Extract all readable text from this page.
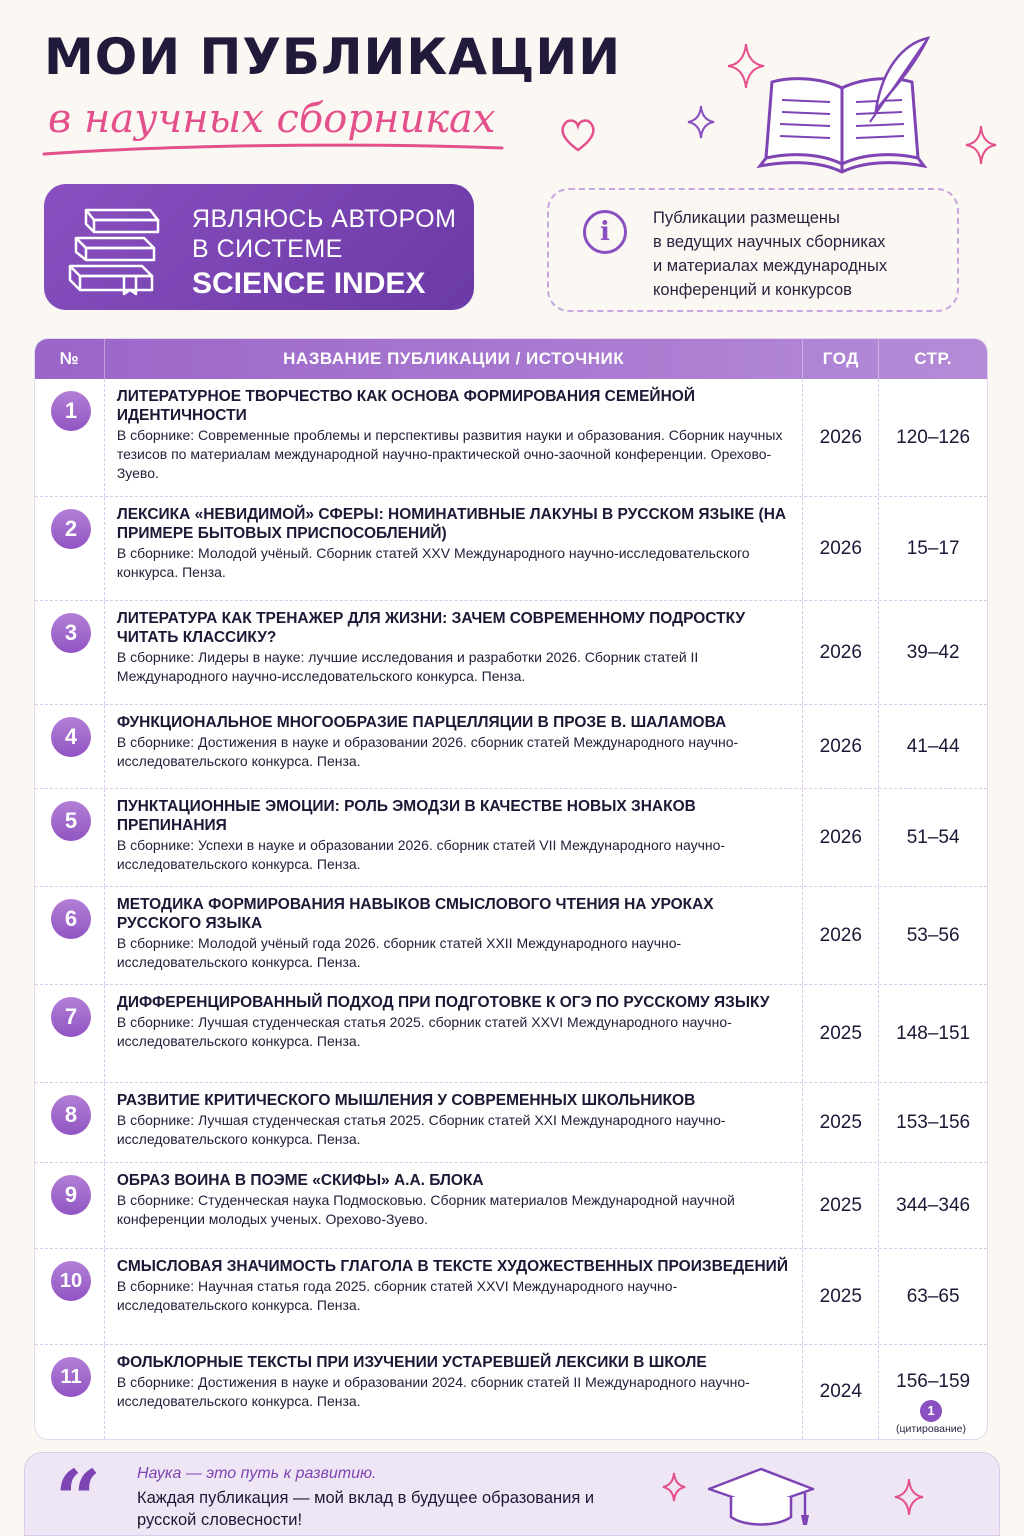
МОИ ПУБЛИКАЦИИ
в научных сборниках
ЯВЛЯЮСЬ АВТОРОМ
В СИСТЕМЕ
SCIENCE INDEX
i	Публикации размещены
в ведущих научных сборниках
и материалах международных
конференций и конкурсов
№	НАЗВАНИЕ ПУБЛИКАЦИИ / ИСТОЧНИК	ГОД	СТР.
1
ЛИТЕРАТУРНОЕ ТВОРЧЕСТВО КАК ОСНОВА ФОРМИРОВАНИЯ СЕМЕЙНОЙ ИДЕНТИЧНОСТИ
В сборнике: Современные проблемы и перспективы развития науки и образования. Сборник научных тезисов по материалам международной научно-практической очно-заочной конференции. Орехово-Зуево.
2026	120–126
2
ЛЕКСИКА «НЕВИДИМОЙ» СФЕРЫ: НОМИНАТИВНЫЕ ЛАКУНЫ В РУССКОМ ЯЗЫКЕ (НА ПРИМЕРЕ БЫТОВЫХ ПРИСПОСОБЛЕНИЙ)
В сборнике: Молодой учёный. Сборник статей XXV Международного научно-исследовательского конкурса. Пенза.
2026	15–17
3
ЛИТЕРАТУРА КАК ТРЕНАЖЕР ДЛЯ ЖИЗНИ: ЗАЧЕМ СОВРЕМЕННОМУ ПОДРОСТКУ ЧИТАТЬ КЛАССИКУ?
В сборнике: Лидеры в науке: лучшие исследования и разработки 2026. Сборник статей II Международного научно-исследовательского конкурса. Пенза.
2026	39–42
4
ФУНКЦИОНАЛЬНОЕ МНОГООБРАЗИЕ ПАРЦЕЛЛЯЦИИ В ПРОЗЕ В. ШАЛАМОВА
В сборнике: Достижения в науке и образовании 2026. сборник статей Международного научно-исследовательского конкурса. Пенза.
2026	41–44
5
ПУНКТАЦИОННЫЕ ЭМОЦИИ: РОЛЬ ЭМОДЗИ В КАЧЕСТВЕ НОВЫХ ЗНАКОВ ПРЕПИНАНИЯ
В сборнике: Успехи в науке и образовании 2026. сборник статей VII Международного научно-исследовательского конкурса. Пенза.
2026	51–54
6
МЕТОДИКА ФОРМИРОВАНИЯ НАВЫКОВ СМЫСЛОВОГО ЧТЕНИЯ НА УРОКАХ РУССКОГО ЯЗЫКА
В сборнике: Молодой учёный года 2026. сборник статей XXII Международного научно-исследовательского конкурса. Пенза.
2026	53–56
7
ДИФФЕРЕНЦИРОВАННЫЙ ПОДХОД ПРИ ПОДГОТОВКЕ К ОГЭ ПО РУССКОМУ ЯЗЫКУ
В сборнике: Лучшая студенческая статья 2025. сборник статей XXVI Международного научно-исследовательского конкурса. Пенза.	2025	148–151
8
РАЗВИТИЕ КРИТИЧЕСКОГО МЫШЛЕНИЯ У СОВРЕМЕННЫХ ШКОЛЬНИКОВ
В сборнике: Лучшая студенческая статья 2025. Сборник статей XXI Международного научно-исследовательского конкурса. Пенза.
2025	153–156
9
ОБРАЗ ВОИНА В ПОЭМЕ «СКИФЫ» А.А. БЛОКА
В сборнике: Студенческая наука Подмосковью. Сборник материалов Международной научной конференции молодых ученых. Орехово-Зуево.
2025	344–346
10
СМЫСЛОВАЯ ЗНАЧИМОСТЬ ГЛАГОЛА В ТЕКСТЕ ХУДОЖЕСТВЕННЫХ ПРОИЗВЕДЕНИЙ
В сборнике: Научная статья года 2025. сборник статей XXVI Международного научно-исследовательского конкурса. Пенза.	2025	63–65
11
ФОЛЬКЛОРНЫЕ ТЕКСТЫ ПРИ ИЗУЧЕНИИ УСТАРЕВШЕЙ ЛЕКСИКИ В ШКОЛЕ
В сборнике: Достижения в науке и образовании 2024. сборник статей II Международного научно-исследовательского конкурса. Пенза.	2024	156–159
1
(цитирование)
“ Наука — это путь к развитию.
Каждая публикация — мой вклад в будущее образования и русской словесности!
